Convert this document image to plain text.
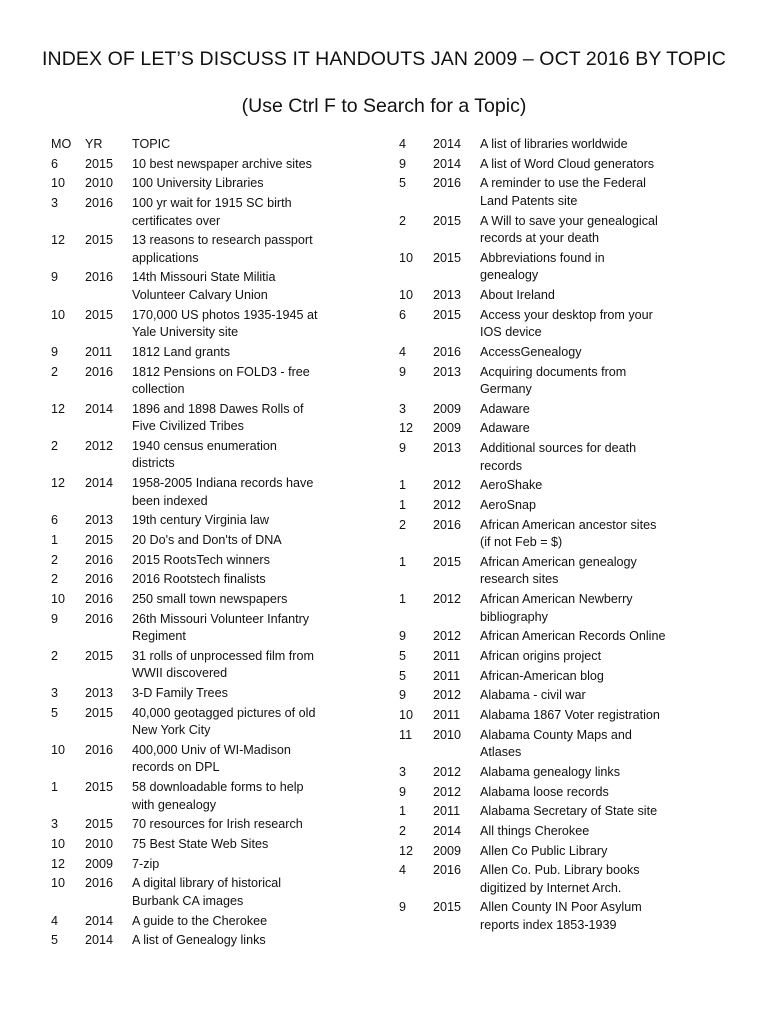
INDEX OF LET’S DISCUSS IT HANDOUTS JAN 2009 – OCT 2016 BY TOPIC
(Use Ctrl F to Search for a Topic)
MO	YR	TOPIC
6	2015	10 best newspaper archive sites
10	2010	100 University Libraries
3	2016	100 yr wait for 1915 SC birth certificates over
12	2015	13 reasons to research passport applications
9	2016	14th Missouri State Militia Volunteer Calvary Union
10	2015	170,000 US photos 1935-1945 at Yale University site
9	2011	1812 Land grants
2	2016	1812 Pensions on FOLD3 - free collection
12	2014	1896 and 1898 Dawes Rolls of Five Civilized Tribes
2	2012	1940 census enumeration districts
12	2014	1958-2005 Indiana records have been indexed
6	2013	19th century Virginia law
1	2015	20 Do's and Don'ts of DNA
2	2016	2015 RootsTech winners
2	2016	2016 Rootstech finalists
10	2016	250 small town newspapers
9	2016	26th Missouri Volunteer Infantry Regiment
2	2015	31 rolls of unprocessed film from WWII discovered
3	2013	3-D Family Trees
5	2015	40,000 geotagged pictures of old New York City
10	2016	400,000 Univ of WI-Madison records on DPL
1	2015	58 downloadable forms to help with genealogy
3	2015	70 resources for Irish research
10	2010	75 Best State Web Sites
12	2009	7-zip
10	2016	A digital library of historical Burbank CA images
4	2014	A guide to the Cherokee
5	2014	A list of Genealogy links
4	2014	A list of libraries worldwide
9	2014	A list of Word Cloud generators
5	2016	A reminder to use the Federal Land Patents site
2	2015	A Will to save your genealogical records at your death
10	2015	Abbreviations found in genealogy
10	2013	About Ireland
6	2015	Access your desktop from your IOS device
4	2016	AccessGenealogy
9	2013	Acquiring documents from Germany
3	2009	Adaware
12	2009	Adaware
9	2013	Additional sources for death records
1	2012	AeroShake
1	2012	AeroSnap
2	2016	African American ancestor sites (if not Feb = $)
1	2015	African American genealogy research sites
1	2012	African American Newberry bibliography
9	2012	African American Records Online
5	2011	African origins project
5	2011	African-American blog
9	2012	Alabama - civil war
10	2011	Alabama 1867 Voter registration
11	2010	Alabama County Maps and Atlases
3	2012	Alabama genealogy links
9	2012	Alabama loose records
1	2011	Alabama Secretary of State site
2	2014	All things Cherokee
12	2009	Allen Co Public Library
4	2016	Allen Co. Pub. Library books digitized by Internet Arch.
9	2015	Allen County IN Poor Asylum reports index 1853-1939
